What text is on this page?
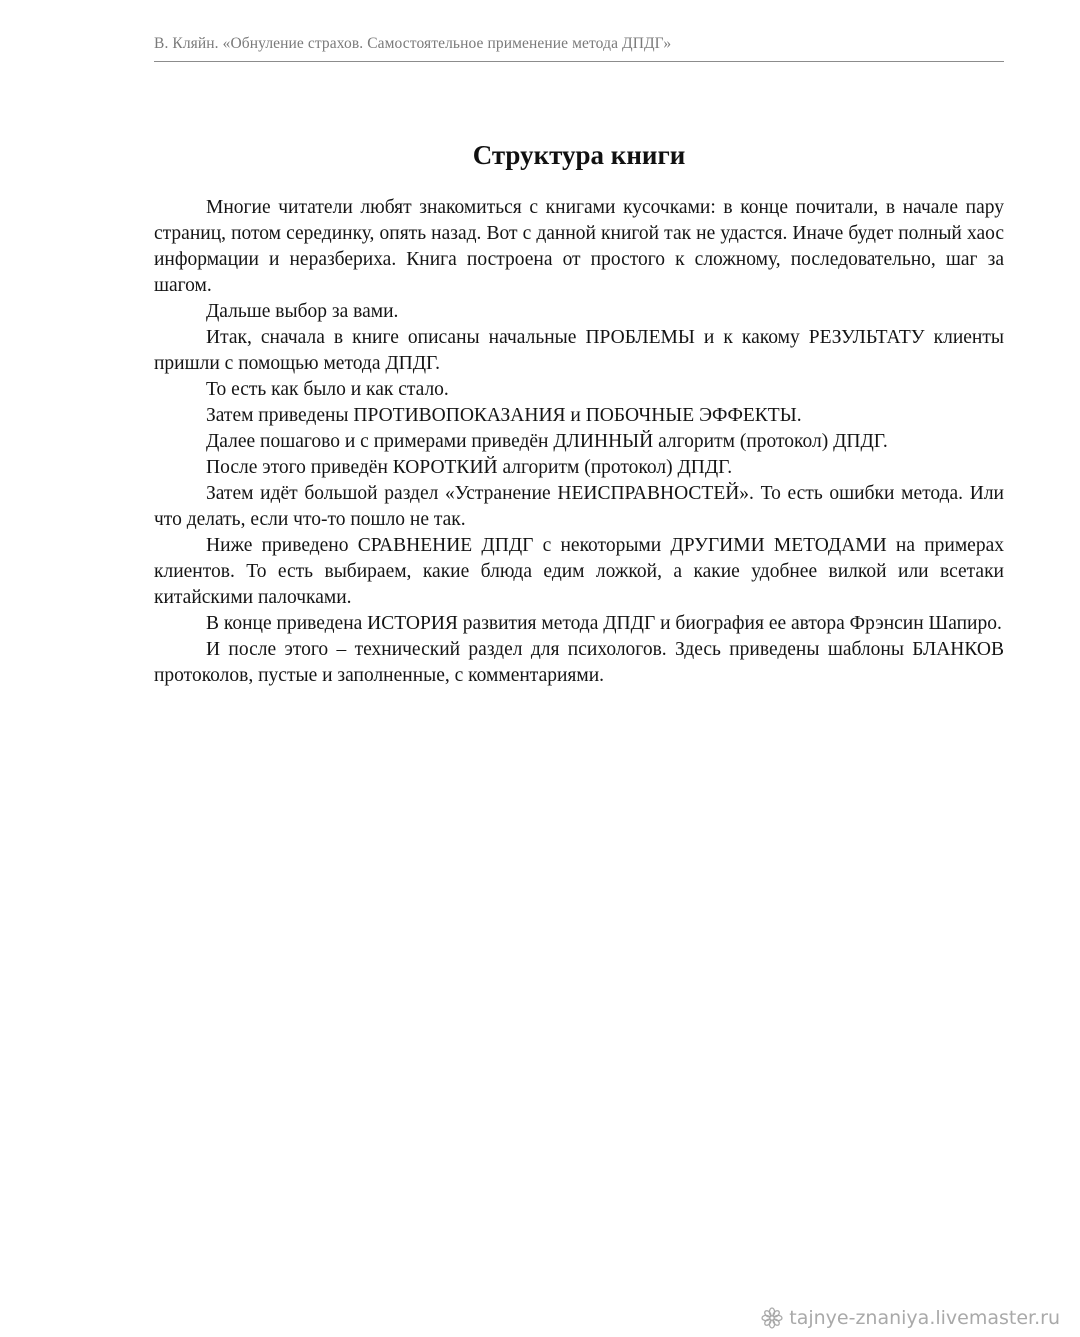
В. Кляйн. «Обнуление страхов. Самостоятельное применение метода ДПДГ»
Структура книги

Многие читатели любят знакомиться с книгами кусочками: в конце почитали, в начале пару страниц, потом серединку, опять назад. Вот с данной книгой так не удастся. Иначе будет полный хаос информации и неразбериха. Книга построена от простого к сложному, последовательно, шаг за шагом.

Дальше выбор за вами.

Итак, сначала в книге описаны начальные ПРОБЛЕМЫ и к какому РЕЗУЛЬТАТУ клиенты пришли с помощью метода ДПДГ.

То есть как было и как стало.

Затем приведены ПРОТИВОПОКАЗАНИЯ и ПОБОЧНЫЕ ЭФФЕКТЫ.

Далее пошагово и с примерами приведён ДЛИННЫЙ алгоритм (протокол) ДПДГ.

После этого приведён КОРОТКИЙ алгоритм (протокол) ДПДГ.

Затем идёт большой раздел «Устранение НЕИСПРАВНОСТЕЙ». То есть ошибки метода. Или что делать, если что-то пошло не так.

Ниже приведено СРАВНЕНИЕ ДПДГ с некоторыми ДРУГИМИ МЕТОДАМИ на примерах клиентов. То есть выбираем, какие блюда едим ложкой, а какие удобнее вилкой или всетаки китайскими палочками.

В конце приведена ИСТОРИЯ развития метода ДПДГ и биография ее автора Фрэнсин Шапиро.

И после этого – технический раздел для психологов. Здесь приведены шаблоны БЛАНКОВ протоколов, пустые и заполненные, с комментариями.

tajnye-znaniya.livemaster.ru
